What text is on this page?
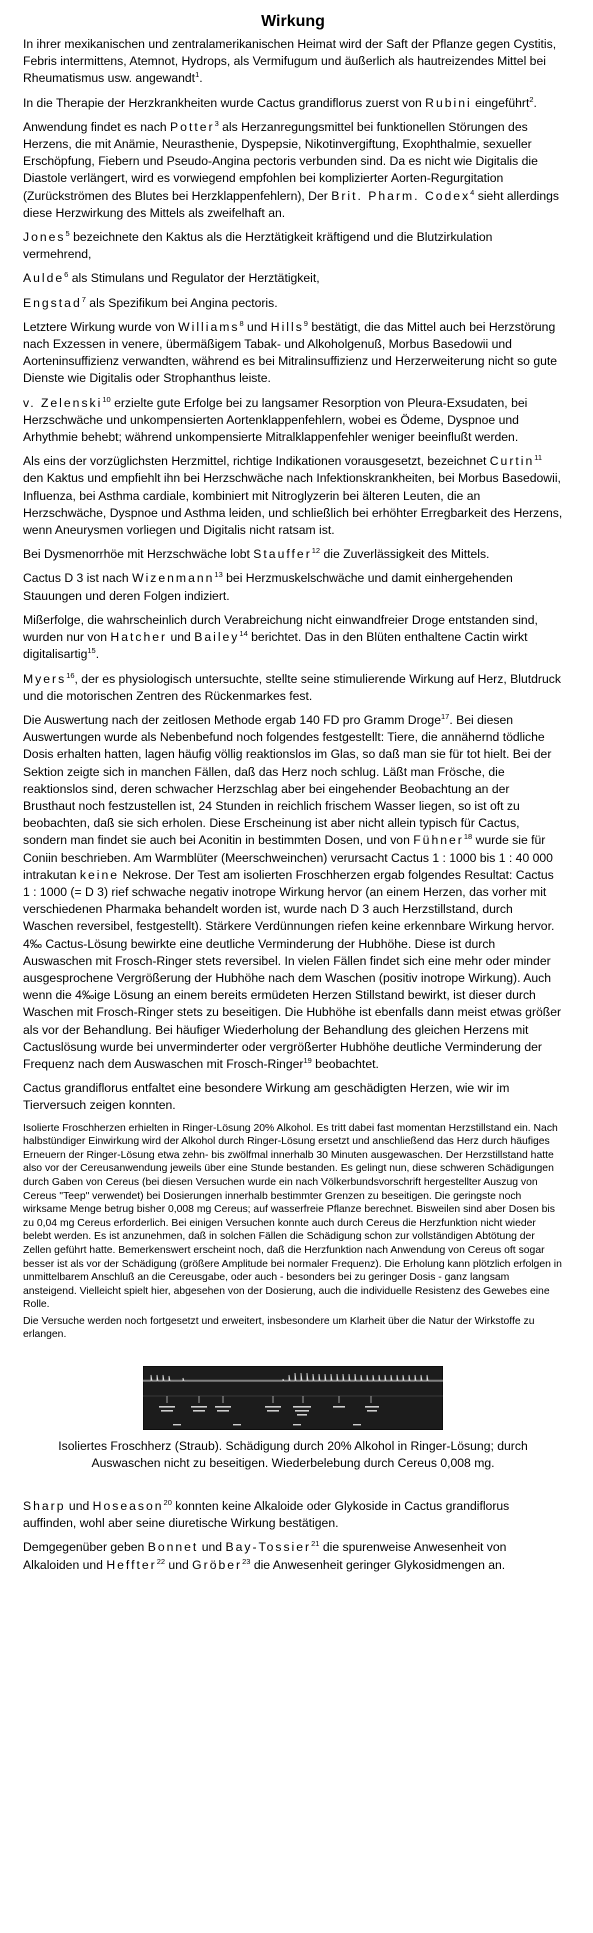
Wirkung

In ihrer mexikanischen und zentralamerikanischen Heimat wird der Saft der Pflanze gegen Cystitis, Febris intermittens, Atemnot, Hydrops, als Vermifugum und äußerlich als hautreizendes Mittel bei Rheumatismus usw. angewandt$^1$.

In die Therapie der Herzkrankheiten wurde Cactus grandiflorus zuerst von Rubini eingeführt$^2$.

Anwendung findet es nach Potter$^3$ als Herzanregungsmittel bei funktionellen Störungen des Herzens, die mit Anämie, Neurasthenie, Dyspepsie, Nikotinvergiftung, Exophthalmie, sexueller Erschöpfung, Fiebern und Pseudo-Angina pectoris verbunden sind. Da es nicht wie Digitalis die Diastole verlängert, wird es vorwiegend empfohlen bei komplizierter Aorten-Regurgitation (Zurückströmen des Blutes bei Herzklappenfehlern), Der Brit. Pharm. Codex$^4$ sieht allerdings diese Herzwirkung des Mittels als zweifelhaft an.

Jones$^5$ bezeichnete den Kaktus als die Herztätigkeit kräftigend und die Blutzirkulation vermehrend,

Aulde$^6$ als Stimulans und Regulator der Herztätigkeit,

Engstad$^7$ als Spezifikum bei Angina pectoris.

Letztere Wirkung wurde von Williams$^8$ und Hills$^9$ bestätigt, die das Mittel auch bei Herzstörung nach Exzessen in venere, übermäßigem Tabak- und Alkoholgenuß, Morbus Basedowii und Aorteninsuffizienz verwandten, während es bei Mitralinsuffizienz und Herzerweiterung nicht so gute Dienste wie Digitalis oder Strophanthus leiste.

v. Zelenski$^{10}$ erzielte gute Erfolge bei zu langsamer Resorption von Pleura-Exsudaten, bei Herzschwäche und unkompensierten Aortenklappenfehlern, wobei es Ödeme, Dyspnoe und Arhythmie behebt; während unkompensierte Mitralklappenfehler weniger beeinflußt werden.

Als eins der vorzüglichsten Herzmittel, richtige Indikationen vorausgesetzt, bezeichnet Curtin$^{11}$ den Kaktus und empfiehlt ihn bei Herzschwäche nach Infektionskrankheiten, bei Morbus Basedowii, Influenza, bei Asthma cardiale, kombiniert mit Nitroglyzerin bei älteren Leuten, die an Herzschwäche, Dyspnoe und Asthma leiden, und schließlich bei erhöhter Erregbarkeit des Herzens, wenn Aneurysmen vorliegen und Digitalis nicht ratsam ist.

Bei Dysmenorrhöe mit Herzschwäche lobt Stauffer$^{12}$ die Zuverlässigkeit des Mittels.

Cactus D 3 ist nach Wizenmann$^{13}$ bei Herzmuskelschwäche und damit einhergehenden Stauungen und deren Folgen indiziert.

Mißerfolge, die wahrscheinlich durch Verabreichung nicht einwandfreier Droge entstanden sind, wurden nur von Hatcher und Bailey$^{14}$ berichtet. Das in den Blüten enthaltene Cactin wirkt digitalisartig$^{15}$.

Myers$^{16}$, der es physiologisch untersuchte, stellte seine stimulierende Wirkung auf Herz, Blutdruck und die motorischen Zentren des Rückenmarkes fest.

Die Auswertung nach der zeitlosen Methode ergab 140 FD pro Gramm Droge$^{17}$. Bei diesen Auswertungen wurde als Nebenbefund noch folgendes festgestellt: Tiere, die annähernd tödliche Dosis erhalten hatten, lagen häufig völlig reaktionslos im Glas, so daß man sie für tot hielt. Bei der Sektion zeigte sich in manchen Fällen, daß das Herz noch schlug. Läßt man Frösche, die reaktionslos sind, deren schwacher Herzschlag aber bei eingehender Beobachtung an der Brusthaut noch festzustellen ist, 24 Stunden in reichlich frischem Wasser liegen, so ist oft zu beobachten, daß sie sich erholen. Diese Erscheinung ist aber nicht allein typisch für Cactus, sondern man findet sie auch bei Aconitin in bestimmten Dosen, und von Fühner$^{18}$ wurde sie für Coniin beschrieben. Am Warmblüter (Meerschweinchen) verursacht Cactus 1 : 1000 bis 1 : 40 000 intrakutan keine Nekrose. Der Test am isolierten Froschherzen ergab folgendes Resultat: Cactus 1 : 1000 (= D 3) rief schwache negativ inotrope Wirkung hervor (an einem Herzen, das vorher mit verschiedenen Pharmaka behandelt worden ist, wurde nach D 3 auch Herzstillstand, durch Waschen reversibel, festgestellt). Stärkere Verdünnungen riefen keine erkennbare Wirkung hervor. 4‰ Cactus-Lösung bewirkte eine deutliche Verminderung der Hubhöhe. Diese ist durch Auswaschen mit Frosch-Ringer stets reversibel. In vielen Fällen findet sich eine mehr oder minder ausgesprochene Vergrößerung der Hubhöhe nach dem Waschen (positiv inotrope Wirkung). Auch wenn die 4‰ige Lösung an einem bereits ermüdeten Herzen Stillstand bewirkt, ist dieser durch Waschen mit Frosch-Ringer stets zu beseitigen. Die Hubhöhe ist ebenfalls dann meist etwas größer als vor der Behandlung. Bei häufiger Wiederholung der Behandlung des gleichen Herzens mit Cactuslösung wurde bei unverminderter oder vergrößerter Hubhöhe deutliche Verminderung der Frequenz nach dem Auswaschen mit Frosch-Ringer$^{19}$ beobachtet.

Cactus grandiflorus entfaltet eine besondere Wirkung am geschädigten Herzen, wie wir im Tierversuch zeigen konnten.

Isolierte Froschherzen erhielten in Ringer-Lösung 20% Alkohol. Es tritt dabei fast momentan Herzstillstand ein. Nach halbstündiger Einwirkung wird der Alkohol durch Ringer-Lösung ersetzt und anschließend das Herz durch häufiges Erneuern der Ringer-Lösung etwa zehn- bis zwölfmal innerhalb 30 Minuten ausgewaschen. Der Herzstillstand hatte also vor der Cereusanwendung jeweils über eine Stunde bestanden. Es gelingt nun, diese schweren Schädigungen durch Gaben von Cereus (bei diesen Versuchen wurde ein nach Völkerbundsvorschrift hergestellter Auszug von Cereus "Teep" verwendet) bei Dosierungen innerhalb bestimmter Grenzen zu beseitigen. Die geringste noch wirksame Menge betrug bisher 0,008 mg Cereus; auf wasserfreie Pflanze berechnet. Bisweilen sind aber Dosen bis zu 0,04 mg Cereus erforderlich. Bei einigen Versuchen konnte auch durch Cereus die Herzfunktion nicht wieder belebt werden. Es ist anzunehmen, daß in solchen Fällen die Schädigung schon zur vollständigen Abtötung der Zellen geführt hatte. Bemerkenswert erscheint noch, daß die Herzfunktion nach Anwendung von Cereus oft sogar besser ist als vor der Schädigung (größere Amplitude bei normaler Frequenz). Die Erholung kann plötzlich erfolgen in unmittelbarem Anschluß an die Cereusgabe, oder auch - besonders bei zu geringer Dosis - ganz langsam ansteigend. Vielleicht spielt hier, abgesehen von der Dosierung, auch die individuelle Resistenz des Gewebes eine Rolle.

Die Versuche werden noch fortgesetzt und erweitert, insbesondere um Klarheit über die Natur der Wirkstoffe zu erlangen.

Isoliertes Froschherz (Straub). Schädigung durch 20% Alkohol in Ringer-Lösung; durch Auswaschen nicht zu beseitigen. Wiederbelebung durch Cereus 0,008 mg.

Sharp und Hoseason$^{20}$ konnten keine Alkaloide oder Glykoside in Cactus grandiflorus auffinden, wohl aber seine diuretische Wirkung bestätigen.

Demgegenüber geben Bonnet und Bay-Tossier$^{21}$ die spurenweise Anwesenheit von Alkaloiden und Heffter$^{22}$ und Gröber$^{23}$ die Anwesenheit geringer Glykosidmengen an.
